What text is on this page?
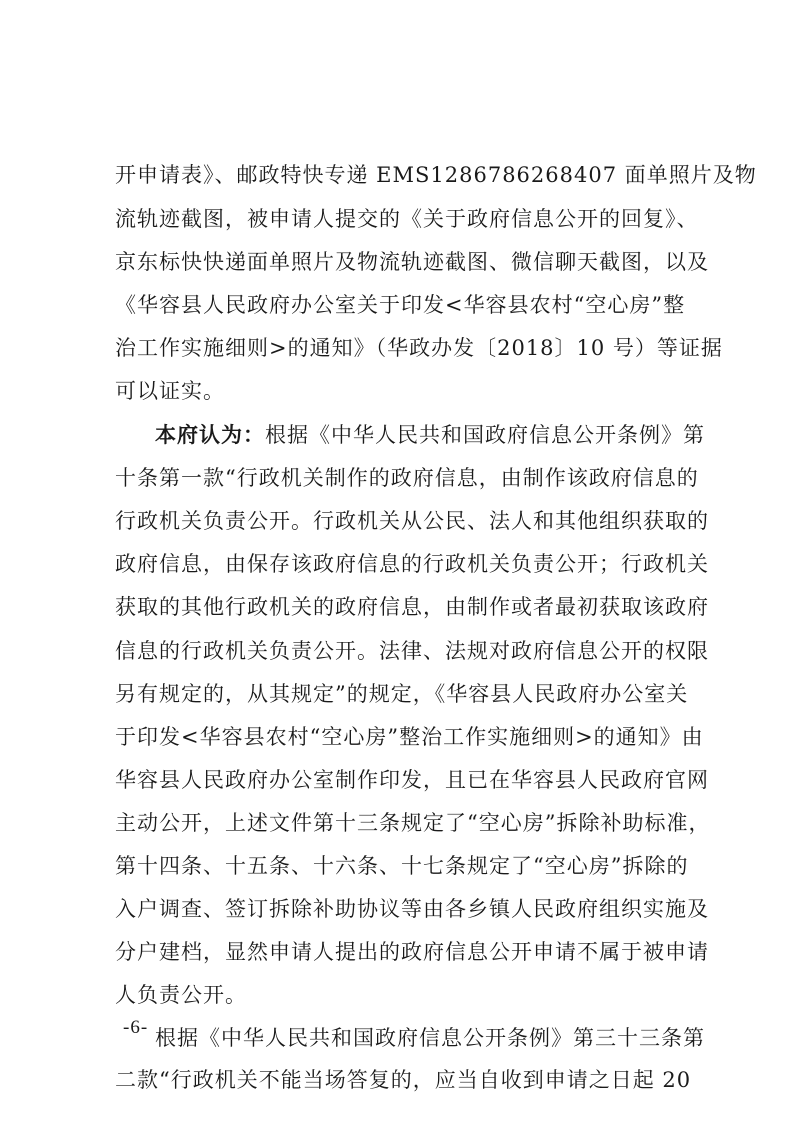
开申请表》、邮政特快专递 EMS1286786268407 面单照片及物
流轨迹截图，被申请人提交的《关于政府信息公开的回复》、
京东标快快递面单照片及物流轨迹截图、微信聊天截图，以及
《华容县人民政府办公室关于印发<华容县农村“空心房”整
治工作实施细则>的通知》（华政办发〔2018〕10 号）等证据
可以证实。
本府认为：根据《中华人民共和国政府信息公开条例》第
十条第一款“行政机关制作的政府信息，由制作该政府信息的
行政机关负责公开。行政机关从公民、法人和其他组织获取的
政府信息，由保存该政府信息的行政机关负责公开；行政机关
获取的其他行政机关的政府信息，由制作或者最初获取该政府
信息的行政机关负责公开。法律、法规对政府信息公开的权限
另有规定的，从其规定”的规定，《华容县人民政府办公室关
于印发<华容县农村“空心房”整治工作实施细则>的通知》由
华容县人民政府办公室制作印发，且已在华容县人民政府官网
主动公开，上述文件第十三条规定了“空心房”拆除补助标准，
第十四条、十五条、十六条、十七条规定了“空心房”拆除的
入户调查、签订拆除补助协议等由各乡镇人民政府组织实施及
分户建档，显然申请人提出的政府信息公开申请不属于被申请
人负责公开。
根据《中华人民共和国政府信息公开条例》第三十三条第
二款“行政机关不能当场答复的，应当自收到申请之日起 20
-6-
